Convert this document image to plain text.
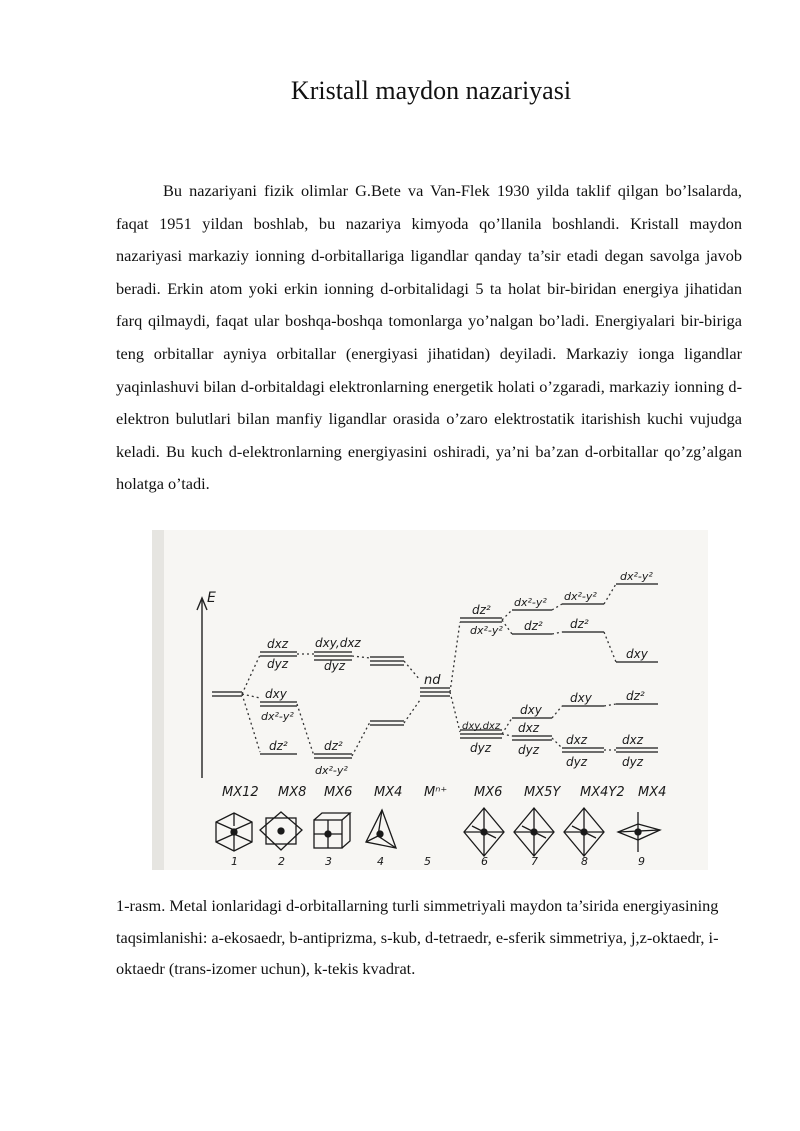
Kristall maydon nazariyasi

Bu nazariyani fizik olimlar G.Bete va Van-Flek 1930 yilda taklif qilgan bo’lsalarda, faqat 1951 yildan boshlab, bu nazariya kimyoda qo’llanila boshlandi. Kristall maydon nazariyasi markaziy ionning d-orbitallariga ligandlar qanday ta’sir etadi degan savolga javob beradi. Erkin atom yoki erkin ionning d-orbitalidagi 5 ta holat bir-biridan energiya jihatidan farq qilmaydi, faqat ular boshqa-boshqa tomonlarga yo’nalgan bo’ladi. Energiyalari bir-biriga teng orbitallar ayniya orbitallar (energiyasi jihatidan) deyiladi. Markaziy ionga ligandlar yaqinlashuvi bilan d-orbitaldagi elektronlarning energetik holati o’zgaradi, markaziy ionning d-elektron bulutlari bilan manfiy ligandlar orasida o’zaro elektrostatik itarishish kuchi vujudga keladi. Bu kuch d-elektronlarning energiyasini oshiradi, ya’ni ba’zan d-orbitallar qo’zg’algan holatga o’tadi.

E
dxz
dyz
dxy
dx²-y²
dz²
dxy,dxz
dyz
dz²
dx²-y²
nd
dz²
dx²-y²
dxy,dxz
dyz
dx²-y²
dz²
dxy
dxz
dyz
dx²-y²
dz²
dxy
dxz
dyz
dx²-y²
dxy
dz²
dxz
dyz
MX12 MX8 MX6 MX4 Mⁿ⁺ MX6 MX5Y MX4Y2 MX4
1	2	3	4	5	6	7	8	9

1-rasm. Metal ionlaridagi d-orbitallarning turli simmetriyali maydon ta’sirida energiyasining taqsimlanishi: a-ekosaedr, b-antiprizma, s-kub, d-tetraedr, e-sferik simmetriya, j,z-oktaedr, i-oktaedr (trans-izomer uchun), k-tekis kvadrat.
